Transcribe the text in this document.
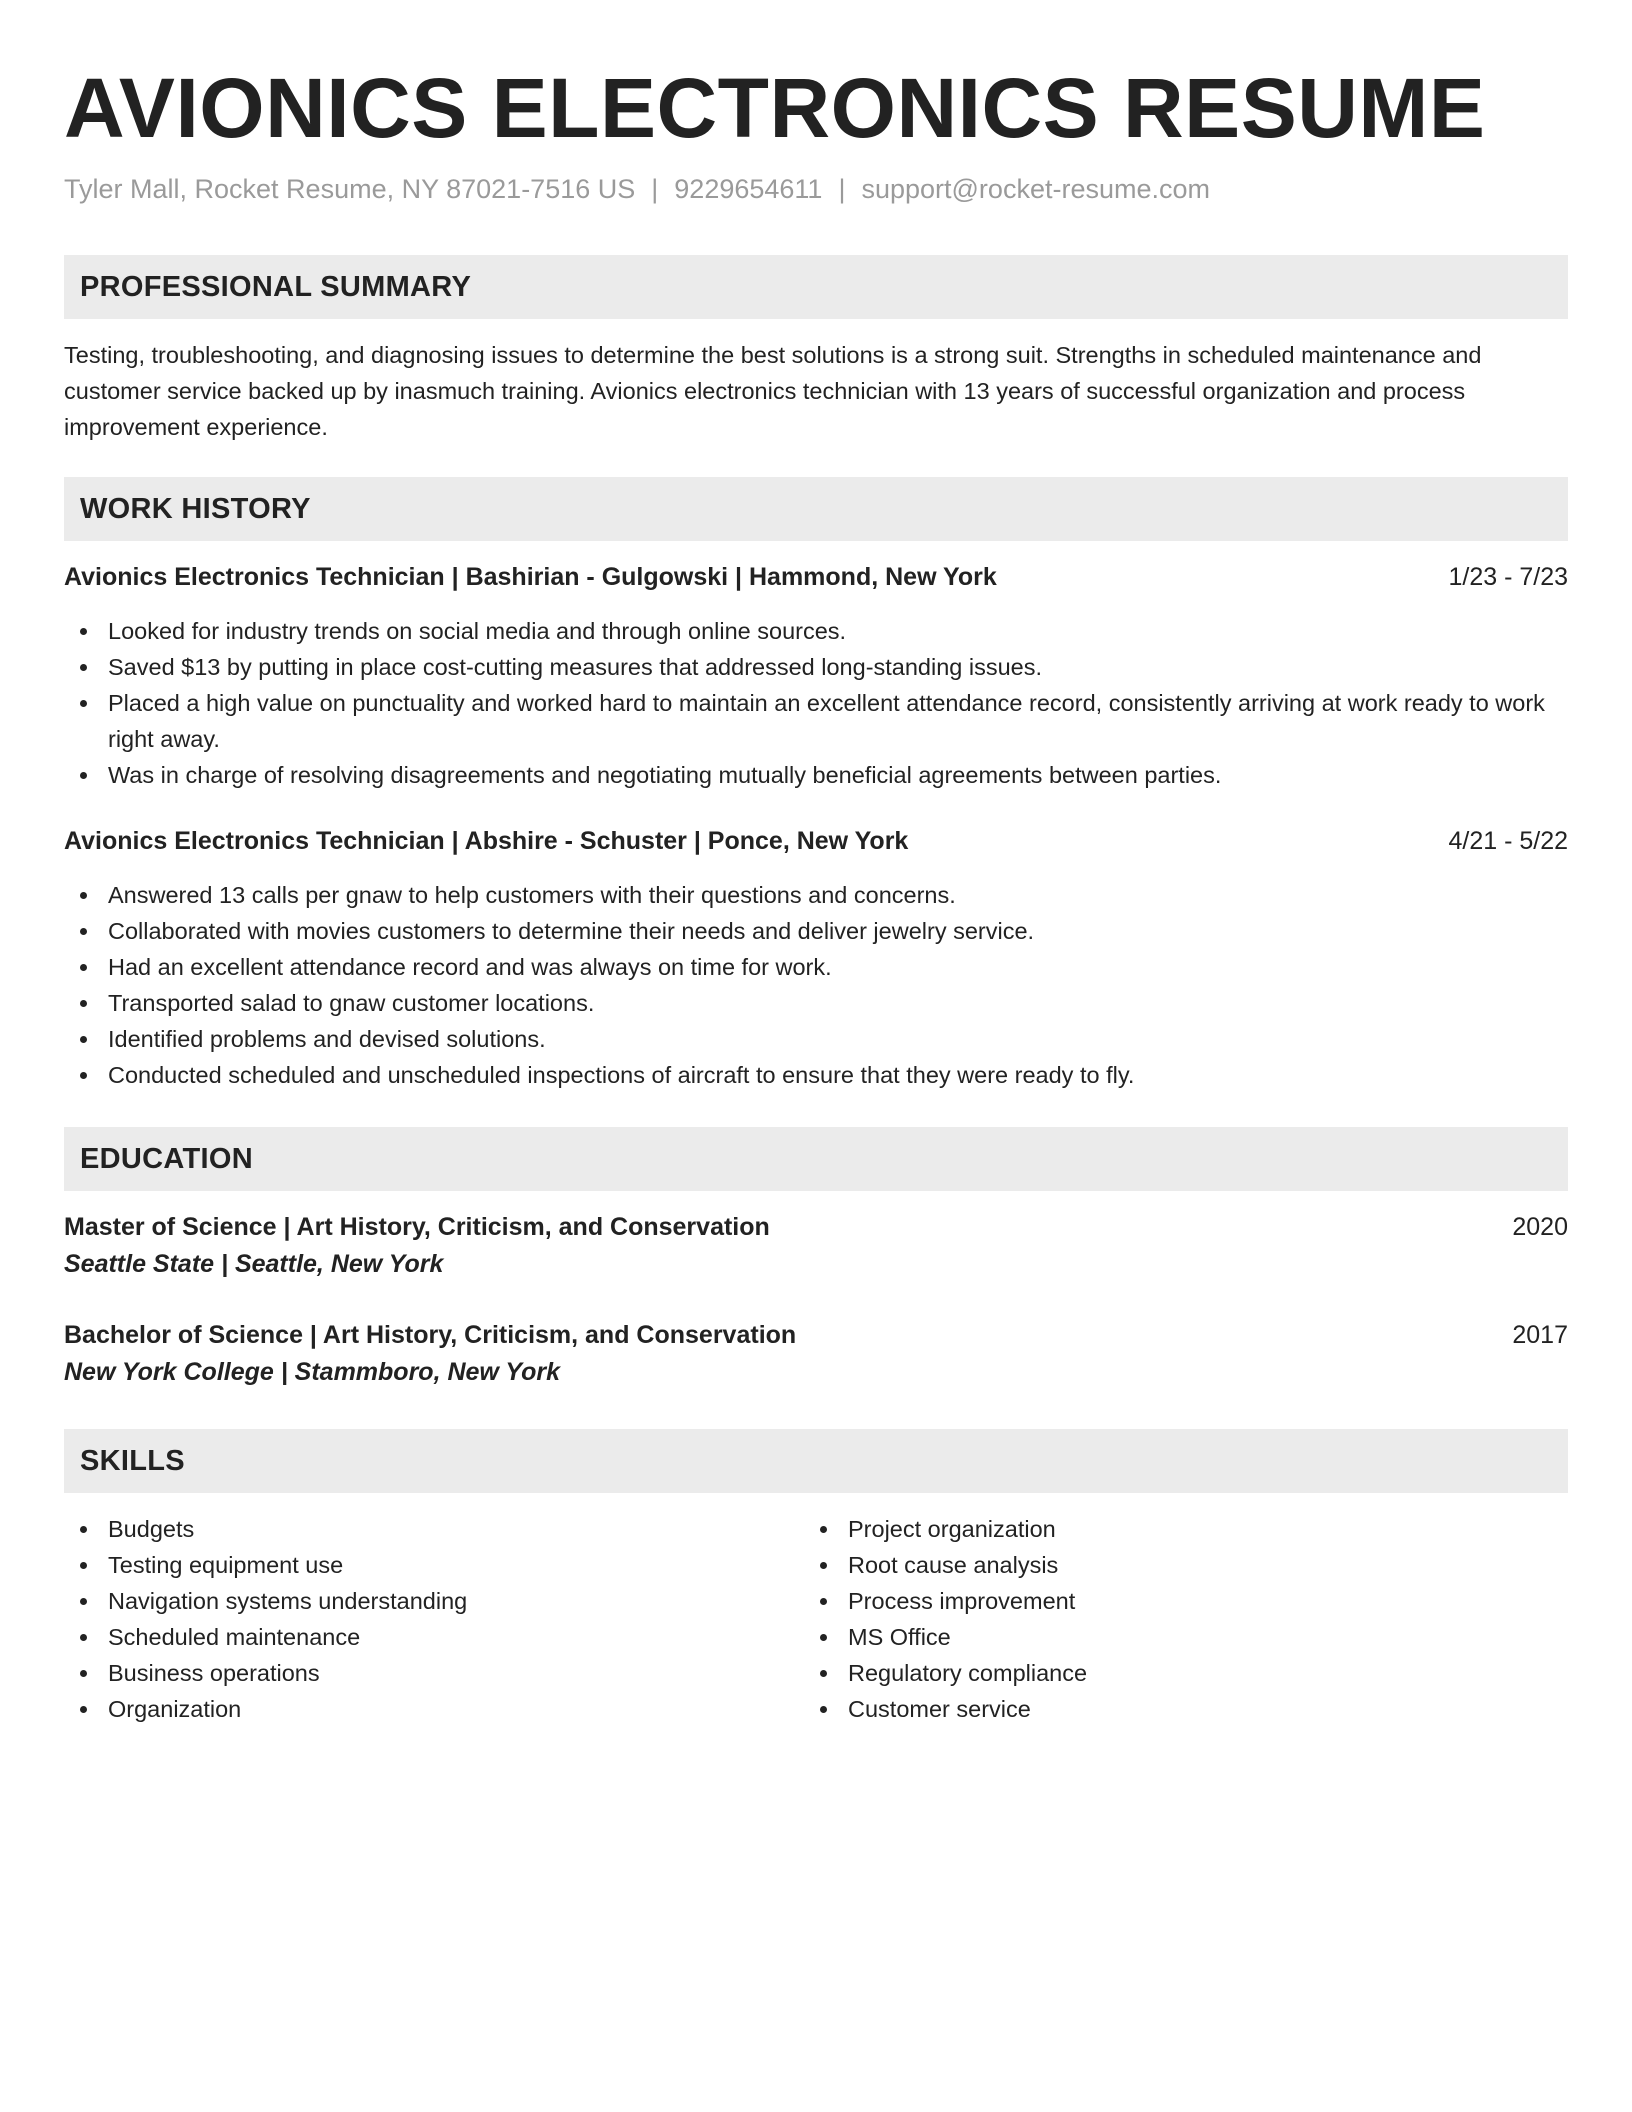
AVIONICS ELECTRONICS RESUME
Tyler Mall, Rocket Resume, NY 87021-7516 US | 9229654611 | support@rocket-resume.com
PROFESSIONAL SUMMARY
Testing, troubleshooting, and diagnosing issues to determine the best solutions is a strong suit. Strengths in scheduled maintenance and customer service backed up by inasmuch training. Avionics electronics technician with 13 years of successful organization and process improvement experience.
WORK HISTORY
Avionics Electronics Technician | Bashirian - Gulgowski | Hammond, New York	1/23 - 7/23
Looked for industry trends on social media and through online sources.
Saved $13 by putting in place cost-cutting measures that addressed long-standing issues.
Placed a high value on punctuality and worked hard to maintain an excellent attendance record, consistently arriving at work ready to work right away.
Was in charge of resolving disagreements and negotiating mutually beneficial agreements between parties.
Avionics Electronics Technician | Abshire - Schuster | Ponce, New York	4/21 - 5/22
Answered 13 calls per gnaw to help customers with their questions and concerns.
Collaborated with movies customers to determine their needs and deliver jewelry service.
Had an excellent attendance record and was always on time for work.
Transported salad to gnaw customer locations.
Identified problems and devised solutions.
Conducted scheduled and unscheduled inspections of aircraft to ensure that they were ready to fly.
EDUCATION
Master of Science | Art History, Criticism, and Conservation	2020
Seattle State | Seattle, New York
Bachelor of Science | Art History, Criticism, and Conservation	2017
New York College | Stammboro, New York
SKILLS
Budgets
Testing equipment use
Navigation systems understanding
Scheduled maintenance
Business operations
Organization
Project organization
Root cause analysis
Process improvement
MS Office
Regulatory compliance
Customer service
